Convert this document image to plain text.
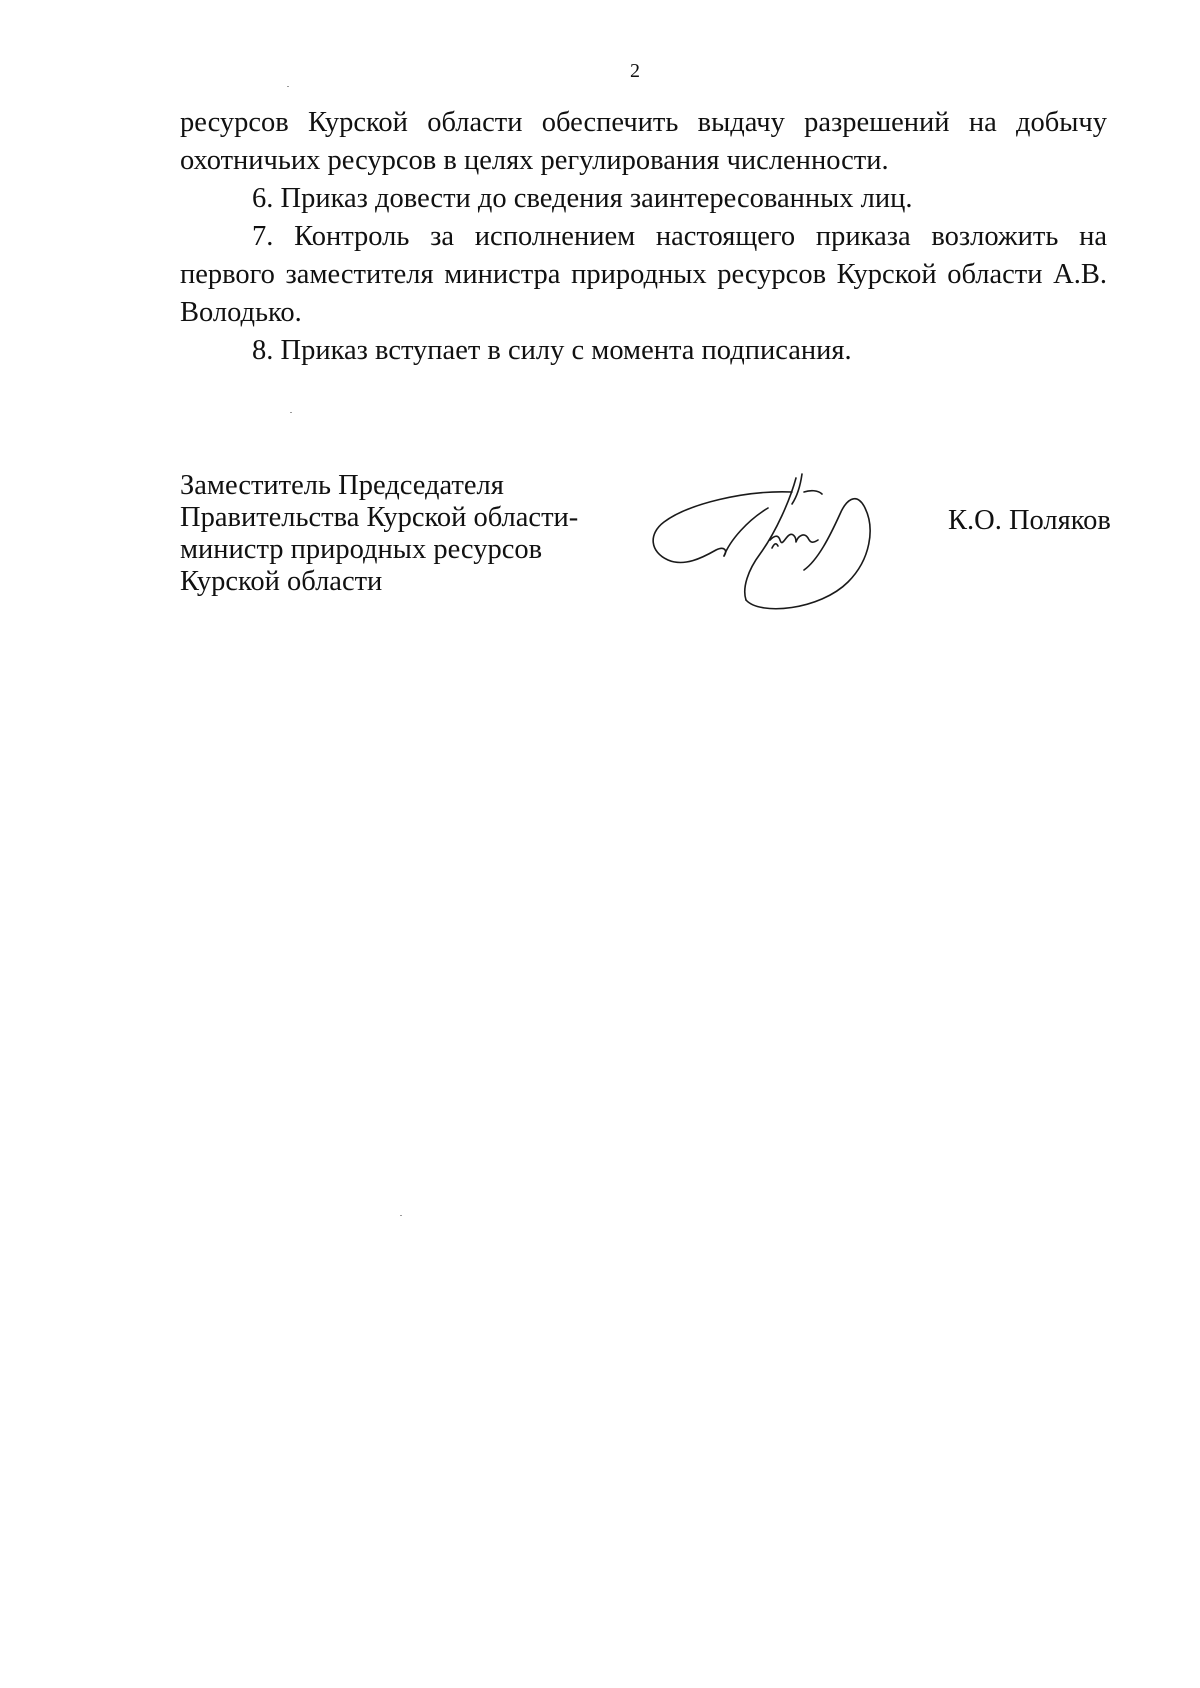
2

ресурсов Курской области обеспечить выдачу разрешений на добычу охотничьих ресурсов в целях регулирования численности.

6. Приказ довести до сведения заинтересованных лиц.

7. Контроль за исполнением настоящего приказа возложить на первого заместителя министра природных ресурсов Курской области А.В. Володько.

8. Приказ вступает в силу с момента подписания.

Заместитель Председателя
Правительства Курской области-
министр природных ресурсов
Курской области
К.О. Поляков
